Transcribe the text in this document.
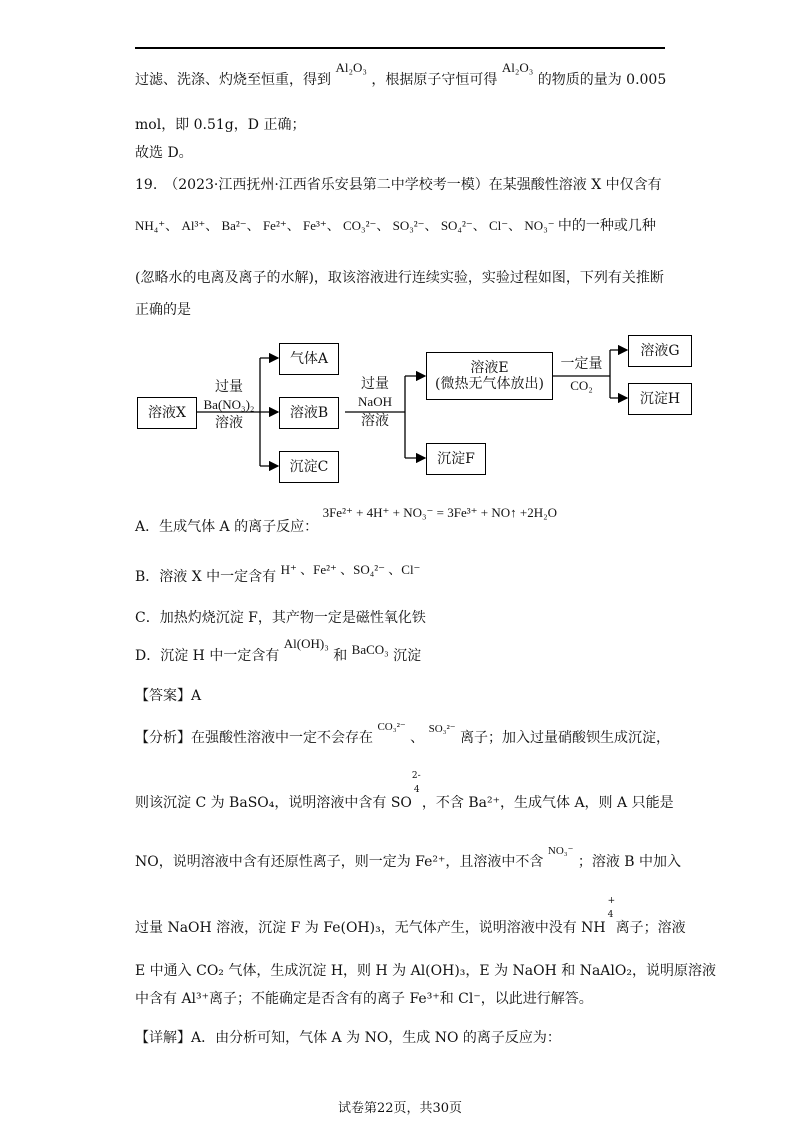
过滤、洗涤、灼烧至恒重，得到 Al₂O₃ ，根据原子守恒可得 Al₂O₃ 的物质的量为 0.005
mol，即 0.51g，D 正确；
故选 D。
19.　（2023·江西抚州·江西省乐安县第二中学校考一模）在某强酸性溶液 X 中仅含有
NH₄⁺、 Al³⁺、 Ba²⁻、 Fe²⁺、 Fe³⁺、 CO₃²⁻、 SO₃²⁻、 SO₄²⁻、 Cl⁻、 NO₃⁻ 中的一种或几种
(忽略水的电离及离子的水解)，取该溶液进行连续实验，实验过程如图，下列有关推断
正确的是
溶液X
气体A
溶液B
沉淀C
溶液E
(微热无气体放出)
沉淀F
溶液G
沉淀H
过量
Ba(NO₃)₂
溶液
过量
NaOH
溶液
一定量
CO₂
A．生成气体 A 的离子反应： 3Fe²⁺ + 4H⁺ + NO₃⁻ = 3Fe³⁺ + NO↑ +2H₂O
B．溶液 X 中一定含有 H⁺ 、Fe²⁺ 、SO₄²⁻ 、Cl⁻
C．加热灼烧沉淀 F，其产物一定是磁性氧化铁
D．沉淀 H 中一定含有 Al(OH)₃ 和 BaCO₃ 沉淀
【答案】A
【分析】在强酸性溶液中一定不会存在 $^{CO_3^{2-}}$ 、 $^{SO_3^{2-}}$ 离子；加入过量硝酸钡生成沉淀，
则该沉淀 C 为 BaSO₄，说明溶液中含有 SO
2-
4
，不含 Ba²⁺，生成气体 A，则 A 只能是
NO，说明溶液中含有还原性离子，则一定为 Fe²⁺，且溶液中不含 $^{NO_3^-}$ ；溶液 B 中加入
过量 NaOH 溶液，沉淀 F 为 Fe(OH)₃，无气体产生，说明溶液中没有 NH
+
4
离子；溶液
E 中通入 CO₂ 气体，生成沉淀 H，则 H 为 Al(OH)₃，E 为 NaOH 和 NaAlO₂，说明原溶液
中含有 Al³⁺离子；不能确定是否含有的离子 Fe³⁺和 Cl⁻，以此进行解答。
【详解】A．由分析可知，气体 A 为 NO，生成 NO 的离子反应为：
试卷第22页，共30页
